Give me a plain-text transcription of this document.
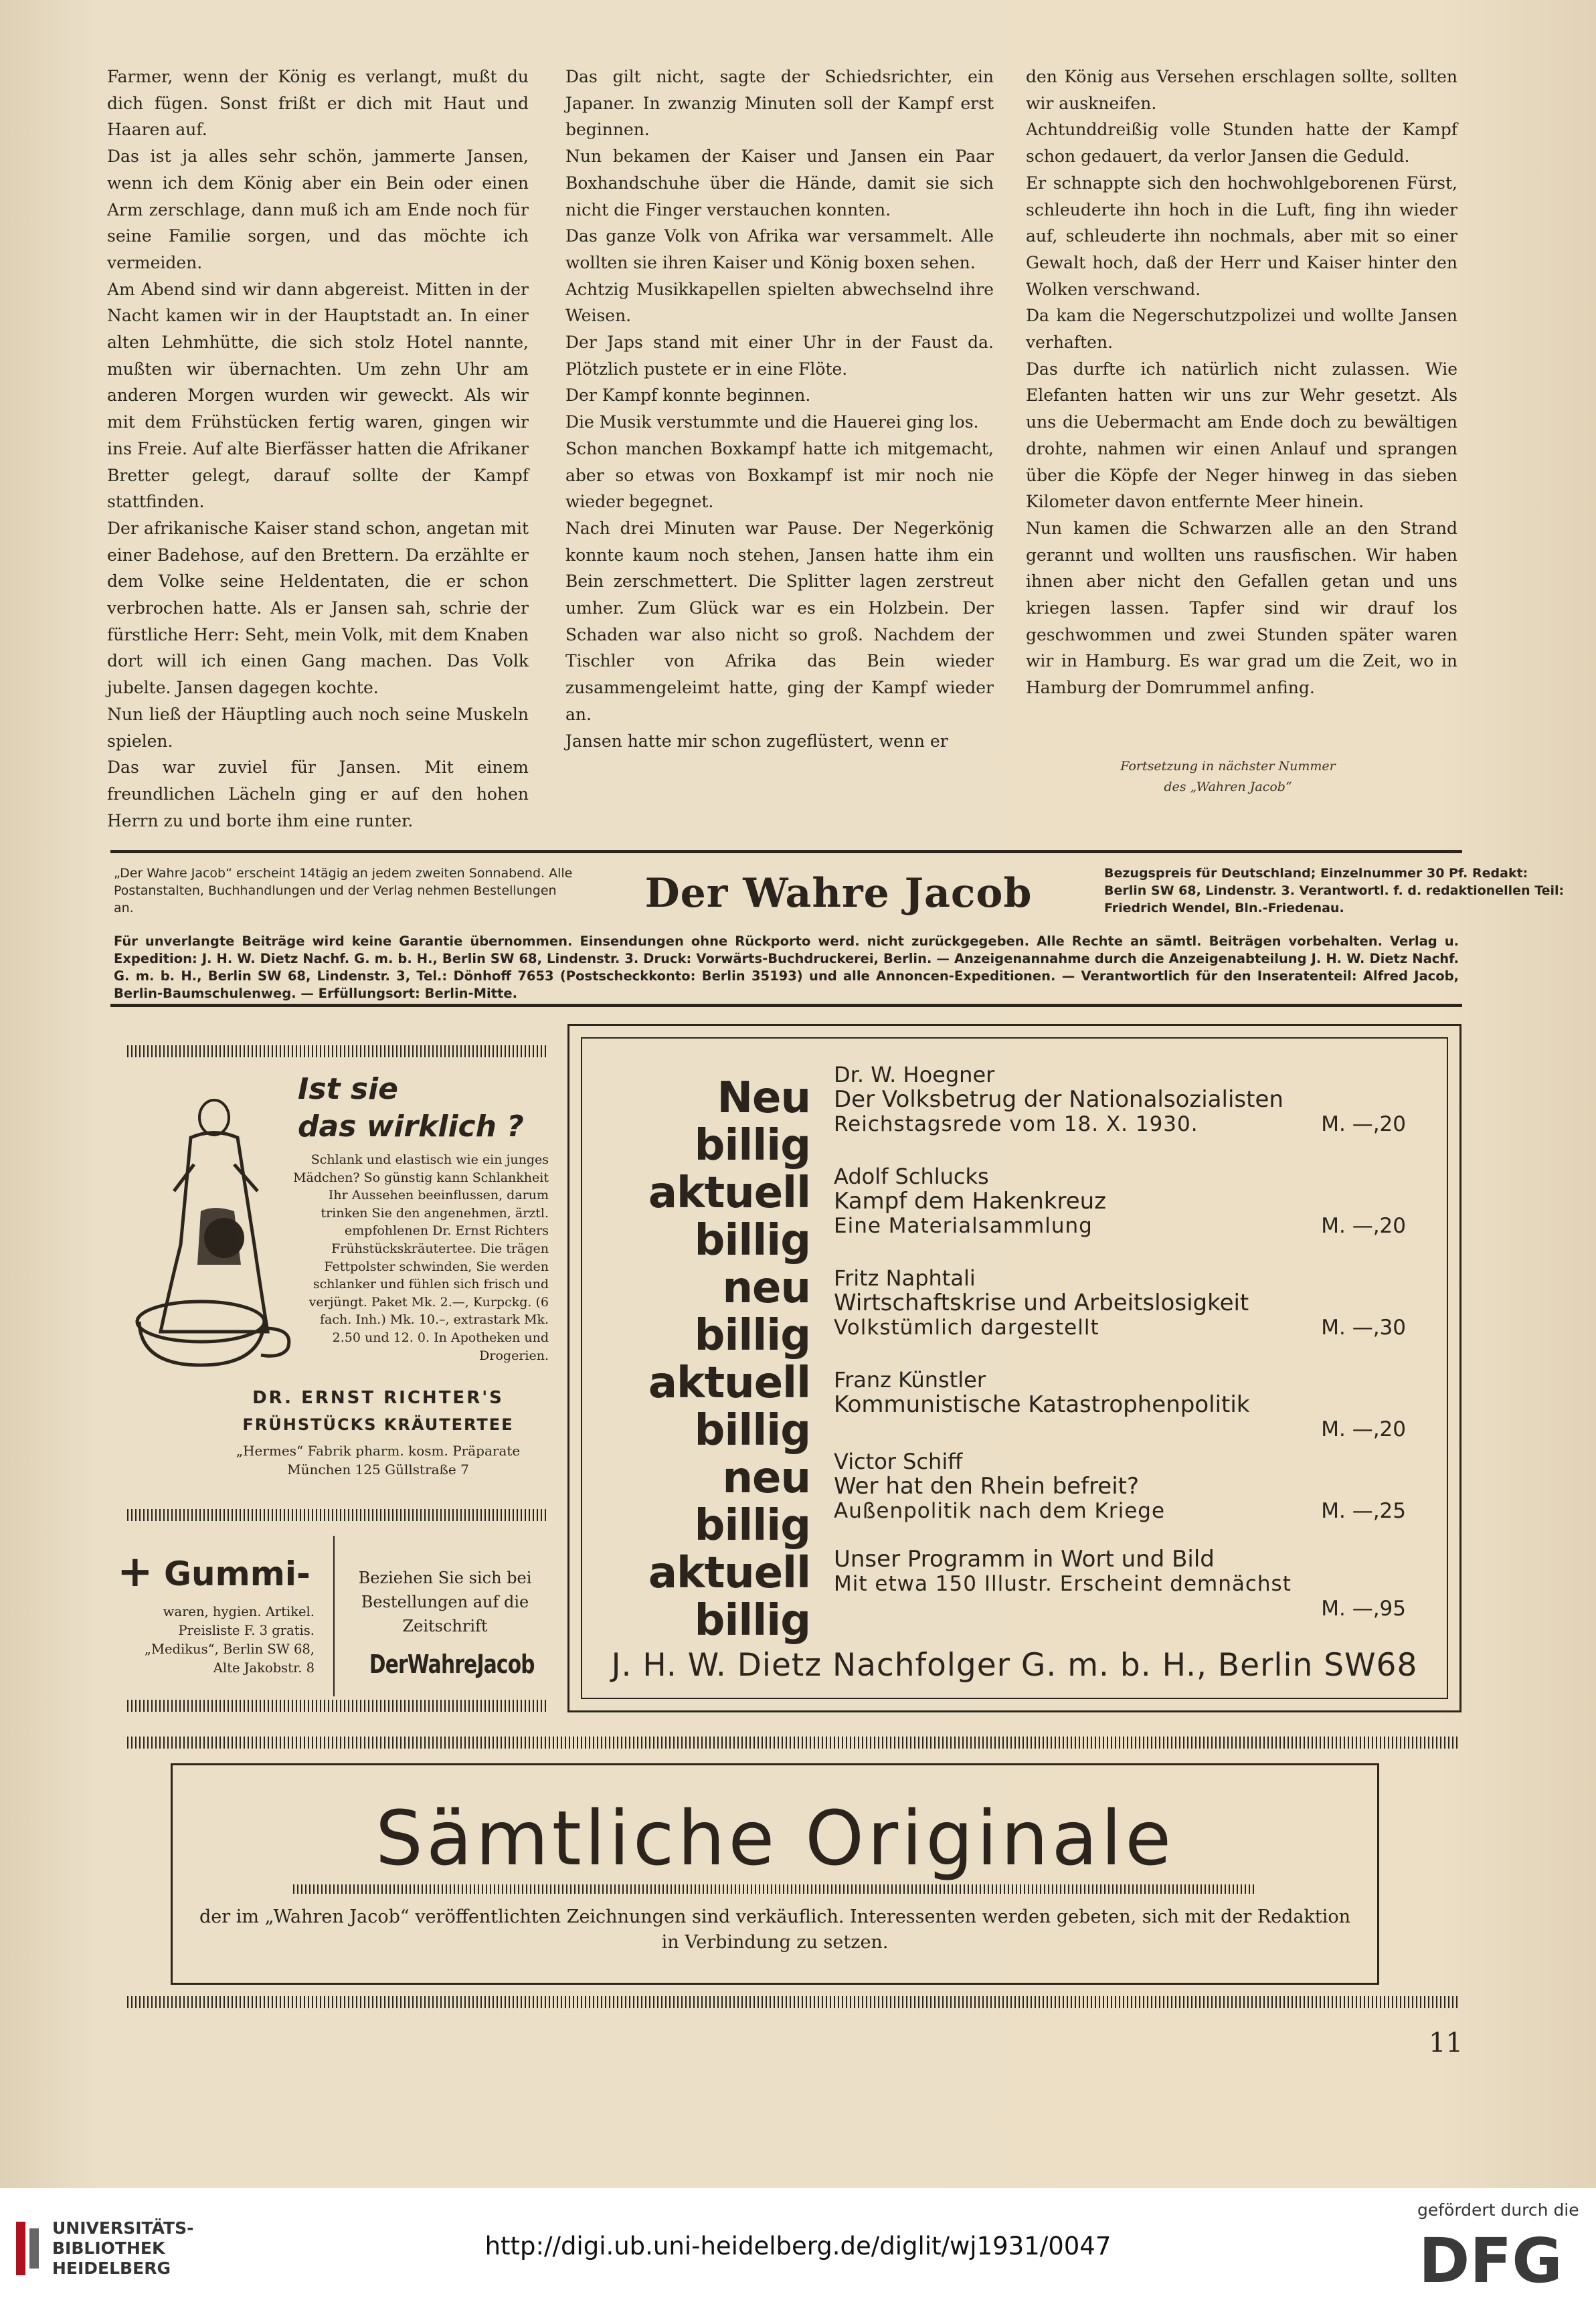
Farmer, wenn der König es verlangt, mußt du dich fügen. Sonst frißt er dich mit Haut und Haaren auf.

Das ist ja alles sehr schön, jammerte Jansen, wenn ich dem König aber ein Bein oder einen Arm zerschlage, dann muß ich am Ende noch für seine Familie sorgen, und das möchte ich vermeiden.

Am Abend sind wir dann abgereist. Mitten in der Nacht kamen wir in der Hauptstadt an. In einer alten Lehmhütte, die sich stolz Hotel nannte, mußten wir übernachten. Um zehn Uhr am anderen Morgen wurden wir geweckt. Als wir mit dem Frühstücken fertig waren, gingen wir ins Freie. Auf alte Bierfässer hatten die Afrikaner Bretter gelegt, darauf sollte der Kampf stattfinden.

Der afrikanische Kaiser stand schon, angetan mit einer Badehose, auf den Brettern. Da erzählte er dem Volke seine Heldentaten, die er schon verbrochen hatte. Als er Jansen sah, schrie der fürstliche Herr: Seht, mein Volk, mit dem Knaben dort will ich einen Gang machen. Das Volk jubelte. Jansen dagegen kochte.

Nun ließ der Häuptling auch noch seine Muskeln spielen.

Das war zuviel für Jansen. Mit einem freundlichen Lächeln ging er auf den hohen Herrn zu und borte ihm eine runter.

Das gilt nicht, sagte der Schiedsrichter, ein Japaner. In zwanzig Minuten soll der Kampf erst beginnen.

Nun bekamen der Kaiser und Jansen ein Paar Boxhandschuhe über die Hände, damit sie sich nicht die Finger verstauchen konnten.

Das ganze Volk von Afrika war versammelt. Alle wollten sie ihren Kaiser und König boxen sehen.

Achtzig Musikkapellen spielten abwechselnd ihre Weisen.

Der Japs stand mit einer Uhr in der Faust da. Plötzlich pustete er in eine Flöte.

Der Kampf konnte beginnen.

Die Musik verstummte und die Hauerei ging los.

Schon manchen Boxkampf hatte ich mitgemacht, aber so etwas von Boxkampf ist mir noch nie wieder begegnet.

Nach drei Minuten war Pause. Der Negerkönig konnte kaum noch stehen, Jansen hatte ihm ein Bein zerschmettert. Die Splitter lagen zerstreut umher. Zum Glück war es ein Holzbein. Der Schaden war also nicht so groß. Nachdem der Tischler von Afrika das Bein wieder zusammengeleimt hatte, ging der Kampf wieder an.

Jansen hatte mir schon zugeflüstert, wenn er

den König aus Versehen erschlagen sollte, sollten wir auskneifen.

Achtunddreißig volle Stunden hatte der Kampf schon gedauert, da verlor Jansen die Geduld.

Er schnappte sich den hochwohlgeborenen Fürst, schleuderte ihn hoch in die Luft, fing ihn wieder auf, schleuderte ihn nochmals, aber mit so einer Gewalt hoch, daß der Herr und Kaiser hinter den Wolken verschwand.

Da kam die Negerschutzpolizei und wollte Jansen verhaften.

Das durfte ich natürlich nicht zulassen. Wie Elefanten hatten wir uns zur Wehr gesetzt. Als uns die Uebermacht am Ende doch zu bewältigen drohte, nahmen wir einen Anlauf und sprangen über die Köpfe der Neger hinweg in das sieben Kilometer davon entfernte Meer hinein.

Nun kamen die Schwarzen alle an den Strand gerannt und wollten uns rausfischen. Wir haben ihnen aber nicht den Gefallen getan und uns kriegen lassen. Tapfer sind wir drauf los geschwommen und zwei Stunden später waren wir in Hamburg. Es war grad um die Zeit, wo in Hamburg der Domrummel anfing.

Fortsetzung in nächster Nummer
des „Wahren Jacob“
„Der Wahre Jacob“ erscheint 14tägig an jedem zweiten Sonnabend. Alle Postanstalten, Buchhandlungen und der Verlag nehmen Bestellungen an.	Der Wahre Jacob	Bezugspreis für Deutschland; Einzelnummer 30 Pf. Redakt: Berlin SW 68, Lindenstr. 3. Verantwortl. f. d. redaktionellen Teil: Friedrich Wendel, Bln.-Friedenau.
Für unverlangte Beiträge wird keine Garantie übernommen. Einsendungen ohne Rückporto werd. nicht zurückgegeben. Alle Rechte an sämtl. Beiträgen vorbehalten. Verlag u. Expedition: J. H. W. Dietz Nachf. G. m. b. H., Berlin SW 68, Lindenstr. 3. Druck: Vorwärts-Buchdruckerei, Berlin. — Anzeigenannahme durch die Anzeigenabteilung J. H. W. Dietz Nachf. G. m. b. H., Berlin SW 68, Lindenstr. 3, Tel.: Dönhoff 7653 (Postscheckkonto: Berlin 35193) und alle Annoncen-Expeditionen. — Verantwortlich für den Inseratenteil: Alfred Jacob, Berlin-Baumschulenweg. — Erfüllungsort: Berlin-Mitte.
Ist sie
das wirklich ?
Schlank und elastisch wie ein junges Mädchen? So günstig kann Schlankheit Ihr Aussehen beeinflussen, darum trinken Sie den angenehmen, ärztl. empfohlenen Dr. Ernst Richters Frühstückskräutertee. Die trägen Fettpolster schwinden, Sie werden schlanker und fühlen sich frisch und verjüngt. Paket Mk. 2.—, Kurpckg. (6 fach. Inh.) Mk. 10.–, extrastark Mk. 2.50 und 12. 0. In Apotheken und Drogerien.
DR. ERNST RICHTER'S
FRÜHSTÜCKS KRÄUTERTEE
„Hermes“ Fabrik pharm. kosm. Präparate München 125 Güllstraße 7
+ Gummi-
waren, hygien. Artikel. Preisliste F. 3 gratis. „Medikus“, Berlin SW 68, Alte Jakobstr. 8
Beziehen Sie sich bei Bestellungen auf die Zeitschrift
DerWahreJacob
Neu
billig
aktuell
billig
neu
billig
aktuell
billig
neu
billig
aktuell
billig
Dr. W. Hoegner
Der Volksbetrug der Nationalsozialisten
Reichstagsrede vom 18. X. 1930.	M. —,20
Adolf Schlucks
Kampf dem Hakenkreuz
Eine Materialsammlung	M. —,20
Fritz Naphtali
Wirtschaftskrise und Arbeitslosigkeit
Volkstümlich dargestellt	M. —,30
Franz Künstler
Kommunistische Katastrophenpolitik
M. —,20
Victor Schiff
Wer hat den Rhein befreit?
Außenpolitik nach dem Kriege	M. —,25
Unser Programm in Wort und Bild
Mit etwa 150 Illustr. Erscheint demnächst
M. —,95
J. H. W. Dietz Nachfolger G. m. b. H., Berlin SW68
Sämtliche Originale
der im „Wahren Jacob“ veröffentlichten Zeichnungen sind verkäuflich. Interessenten werden gebeten, sich mit der Redaktion in Verbindung zu setzen.
11
UNIVERSITÄTS-
BIBLIOTHEK
HEIDELBERG
http://digi.ub.uni-heidelberg.de/diglit/wj1931/0047
gefördert durch die
DFG
